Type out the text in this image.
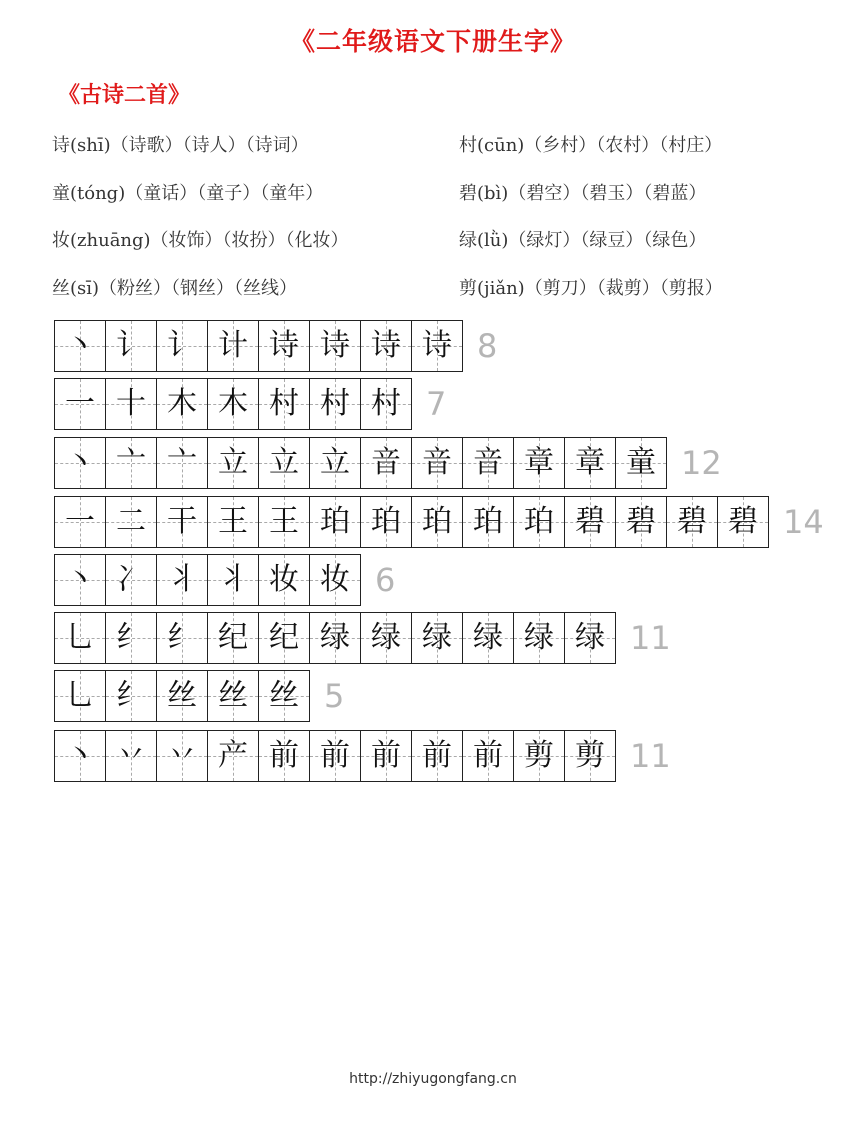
《二年级语文下册生字》
《古诗二首》
诗(shī)（诗歌）（诗人）（诗词）
童(tóng)（童话）（童子）（童年）
妆(zhuāng)（妆饰）（妆扮）（化妆）
丝(sī)（粉丝）（钢丝）（丝线）
村(cūn)（乡村）（农村）（村庄）
碧(bì)（碧空）（碧玉）（碧蓝）
绿(lǜ)（绿灯）（绿豆）（绿色）
剪(jiǎn)（剪刀）（裁剪）（剪报）
丶 讠 讠 计 诗 诗 诗 诗 8
一 十 木 木 村 村 村 7
丶 亠 亠 立 立 立 音 音 音 章 章 童 12
一 二 干 王 王 珀 珀 珀 珀 珀 碧 碧 碧 碧 14
丶 冫 丬 丬 妆 妆 6
乚 纟 纟 纪 纪 绿 绿 绿 绿 绿 绿 11
乚 纟 丝 丝 丝 5
丶 丷 丷 产 前 前 前 前 前 剪 剪 11
http://zhiyugongfang.cn
